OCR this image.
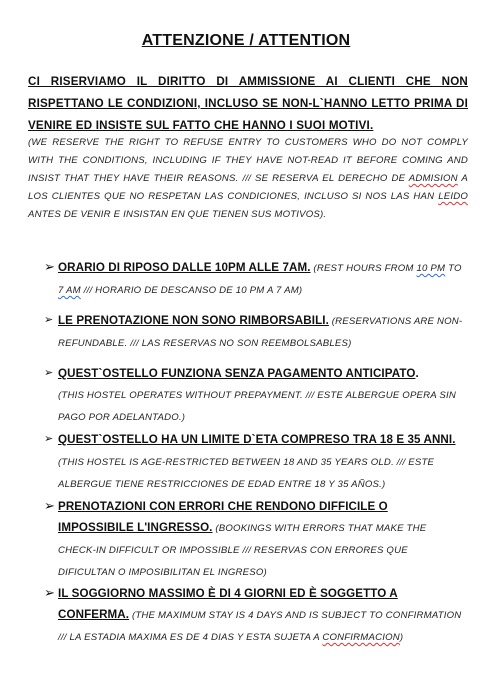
ATTENZIONE / ATTENTION
CI RISERVIAMO IL DIRITTO DI AMMISSIONE AI CLIENTI CHE NON RISPETTANO LE CONDIZIONI, INCLUSO SE NON-L`HANNO LETTO PRIMA DI VENIRE ED INSISTE SUL FATTO CHE HANNO I SUOI MOTIVI.
(WE RESERVE THE RIGHT TO REFUSE ENTRY TO CUSTOMERS WHO DO NOT COMPLY WITH THE CONDITIONS, INCLUDING IF THEY HAVE NOT-READ IT BEFORE COMING AND INSIST THAT THEY HAVE THEIR REASONS. /// SE RESERVA EL DERECHO DE ADMISION A LOS CLIENTES QUE NO RESPETAN LAS CONDICIONES, INCLUSO SI NOS LAS HAN LEIDO ANTES DE VENIR E INSISTAN EN QUE TIENEN SUS MOTIVOS).
➢ ORARIO DI RIPOSO DALLE 10PM ALLE 7AM. (REST HOURS FROM 10 PM TO 7 AM /// HORARIO DE DESCANSO DE 10 PM A 7 AM)
➢ LE PRENOTAZIONE NON SONO RIMBORSABILI. (RESERVATIONS ARE NON-REFUNDABLE. /// LAS RESERVAS NO SON REEMBOLSABLES)
➢ QUEST`OSTELLO FUNZIONA SENZA PAGAMENTO ANTICIPATO.
(THIS HOSTEL OPERATES WITHOUT PREPAYMENT. /// ESTE ALBERGUE OPERA SIN PAGO POR ADELANTADO.)
➢ QUEST`OSTELLO HA UN LIMITE D`ETA COMPRESO TRA 18 E 35 ANNI. (THIS HOSTEL IS AGE-RESTRICTED BETWEEN 18 AND 35 YEARS OLD. /// ESTE ALBERGUE TIENE RESTRICCIONES DE EDAD ENTRE 18 Y 35 AÑOS.)
➢ PRENOTAZIONI CON ERRORI CHE RENDONO DIFFICILE O IMPOSSIBILE L'INGRESSO. (BOOKINGS WITH ERRORS THAT MAKE THE CHECK-IN DIFFICULT OR IMPOSSIBLE /// RESERVAS CON ERRORES QUE DIFICULTAN O IMPOSIBILITAN EL INGRESO)
➢ IL SOGGIORNO MASSIMO È DI 4 GIORNI ED È SOGGETTO A CONFERMA. (THE MAXIMUM STAY IS 4 DAYS AND IS SUBJECT TO CONFIRMATION /// LA ESTADIA MAXIMA ES DE 4 DIAS Y ESTA SUJETA A CONFIRMACION)
